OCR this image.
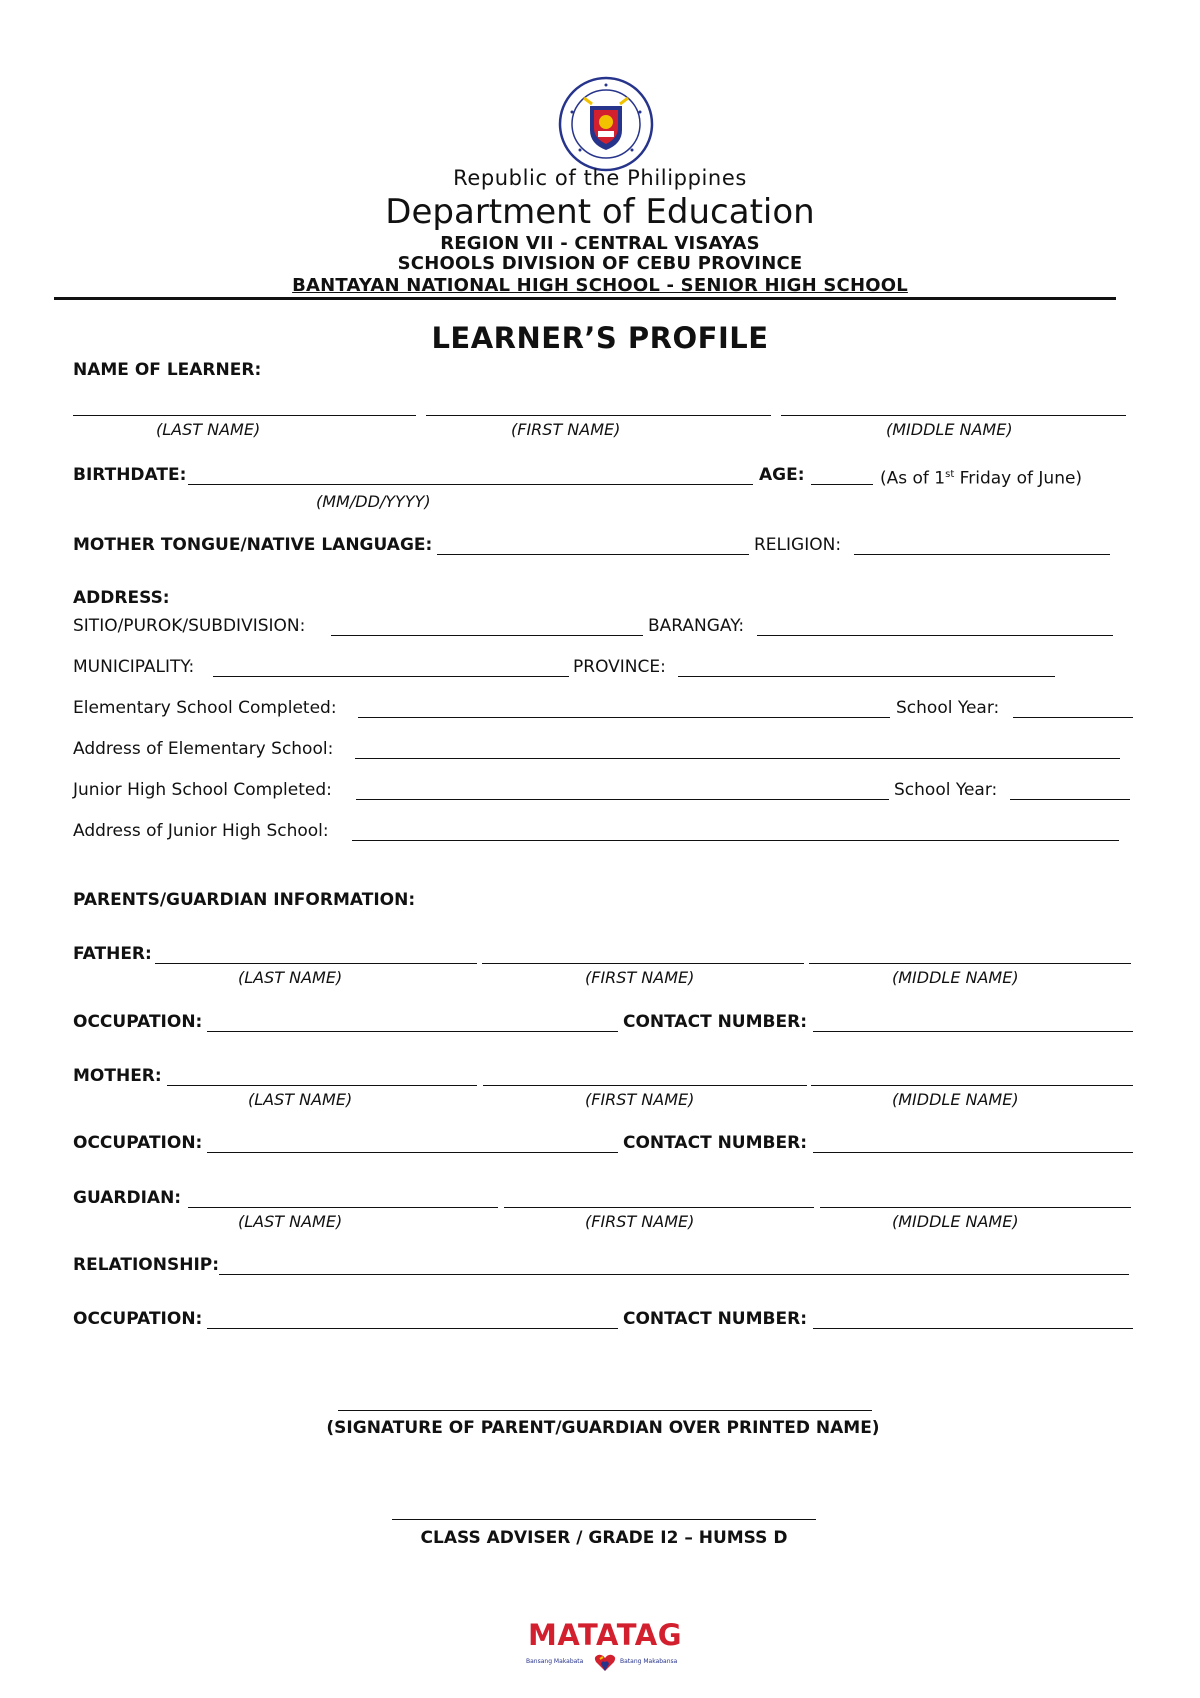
Republic of the Philippines
Department of Education
REGION VII - CENTRAL VISAYAS
SCHOOLS DIVISION OF CEBU PROVINCE
BANTAYAN NATIONAL HIGH SCHOOL - SENIOR HIGH SCHOOL
LEARNER’S PROFILE
NAME OF LEARNER:
(LAST NAME)	(FIRST NAME)	(MIDDLE NAME)
BIRTHDATE:	AGE:	(As of 1st Friday of June)
(MM/DD/YYYY)
MOTHER TONGUE/NATIVE LANGUAGE:	RELIGION:
ADDRESS:
SITIO/PUROK/SUBDIVISION:	BARANGAY:
MUNICIPALITY:	PROVINCE:
Elementary School Completed:	School Year:
Address of Elementary School:
Junior High School Completed:	School Year:
Address of Junior High School:
PARENTS/GUARDIAN INFORMATION:
FATHER:
(LAST NAME)	(FIRST NAME)	(MIDDLE NAME)
OCCUPATION:	CONTACT NUMBER:
MOTHER:
(LAST NAME)	(FIRST NAME)	(MIDDLE NAME)
OCCUPATION:	CONTACT NUMBER:
GUARDIAN:
(LAST NAME)	(FIRST NAME)	(MIDDLE NAME)
RELATIONSHIP:
OCCUPATION:	CONTACT NUMBER:
(SIGNATURE OF PARENT/GUARDIAN OVER PRINTED NAME)
CLASS ADVISER / GRADE I2 – HUMSS D
MATATAG
Bansang Makabata	Batang Makabansa
